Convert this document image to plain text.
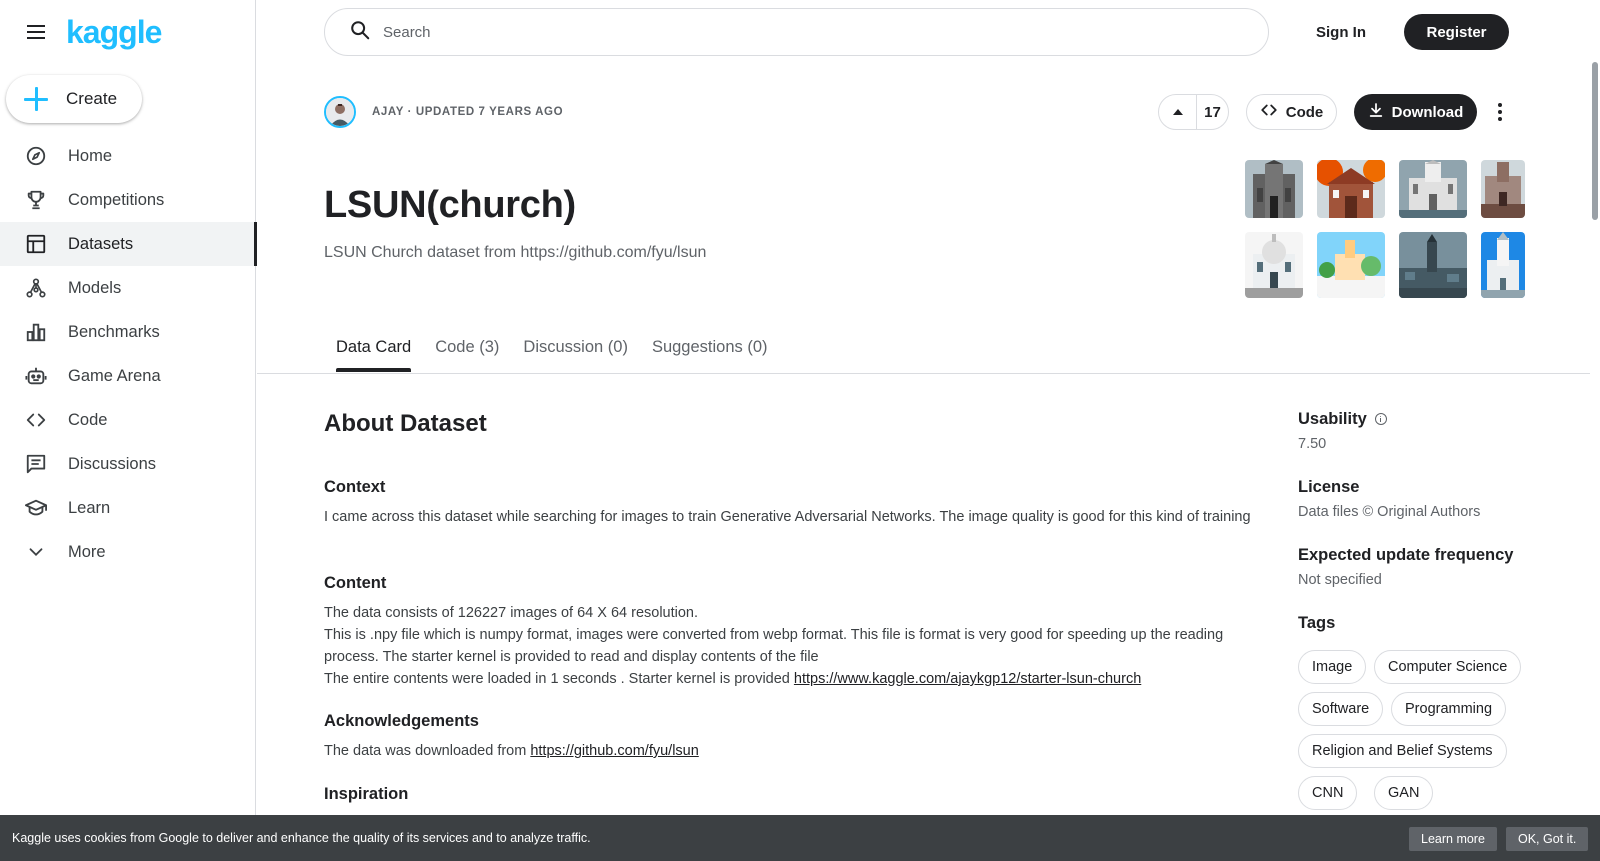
kaggle
Create
Home
Competitions
Datasets
Models
Benchmarks
Game Arena
Code
Discussions
Learn
More
Search
Sign In	Register
AJAY · UPDATED 7 YEARS AGO	17	Code	Download
LSUN(church)
LSUN Church dataset from https://github.com/fyu/lsun
Data Card	Code (3)	Discussion (0)	Suggestions (0)
About Dataset
Context
I came across this dataset while searching for images to train Generative Adversarial Networks. The image quality is good for this kind of training
Content
The data consists of 126227 images of 64 X 64 resolution.
This is .npy file which is numpy format, images were converted from webp format. This file is format is very good for speeding up the reading process. The starter kernel is provided to read and display contents of the file
The entire contents were loaded in 1 seconds . Starter kernel is provided https://www.kaggle.com/ajaykgp12/starter-lsun-church
Acknowledgements
The data was downloaded from https://github.com/fyu/lsun
Inspiration
Usability
7.50
License
Data files © Original Authors
Expected update frequency
Not specified
Tags
Image	Computer Science
Software	Programming
Religion and Belief Systems
CNN	GAN
Kaggle uses cookies from Google to deliver and enhance the quality of its services and to analyze traffic.	Learn more	OK, Got it.
